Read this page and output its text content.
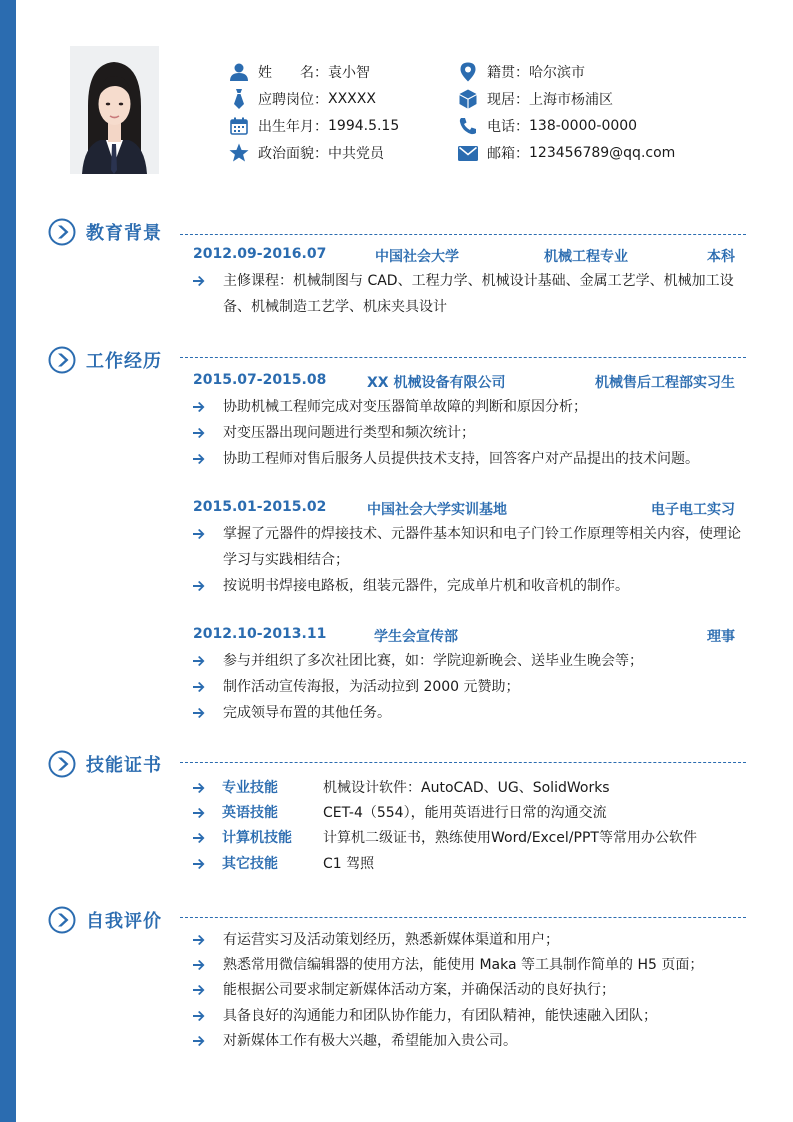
姓　　名： 袁小智
应聘岗位： XXXXX
出生年月： 1994.5.15
政治面貌： 中共党员
籍贯： 哈尔滨市
现居： 上海市杨浦区
电话： 138-0000-0000
邮箱： 123456789@qq.com
教育背景
2012.09-2016.07	中国社会大学	机械工程专业	本科
主修课程：机械制图与 CAD、工程力学、机械设计基础、金属工艺学、机械加工设备、机械制造工艺学、机床夹具设计
工作经历
2015.07-2015.08	XX 机械设备有限公司	机械售后工程部实习生
协助机械工程师完成对变压器简单故障的判断和原因分析；
对变压器出现问题进行类型和频次统计；
协助工程师对售后服务人员提供技术支持，回答客户对产品提出的技术问题。
2015.01-2015.02	中国社会大学实训基地	电子电工实习
掌握了元器件的焊接技术、元器件基本知识和电子门铃工作原理等相关内容，使理论学习与实践相结合；
按说明书焊接电路板，组装元器件，完成单片机和收音机的制作。
2012.10-2013.11	学生会宣传部	理事
参与并组织了多次社团比赛，如：学院迎新晚会、送毕业生晚会等；
制作活动宣传海报，为活动拉到 2000 元赞助；
完成领导布置的其他任务。
技能证书
专业技能	机械设计软件：AutoCAD、UG、SolidWorks
英语技能	CET-4（554），能用英语进行日常的沟通交流
计算机技能 计算机二级证书，熟练使用Word/Excel/PPT等常用办公软件
其它技能	C1 驾照
自我评价
有运营实习及活动策划经历，熟悉新媒体渠道和用户；
熟悉常用微信编辑器的使用方法，能使用 Maka 等工具制作简单的 H5 页面；
能根据公司要求制定新媒体活动方案，并确保活动的良好执行；
具备良好的沟通能力和团队协作能力，有团队精神，能快速融入团队；
对新媒体工作有极大兴趣，希望能加入贵公司。
